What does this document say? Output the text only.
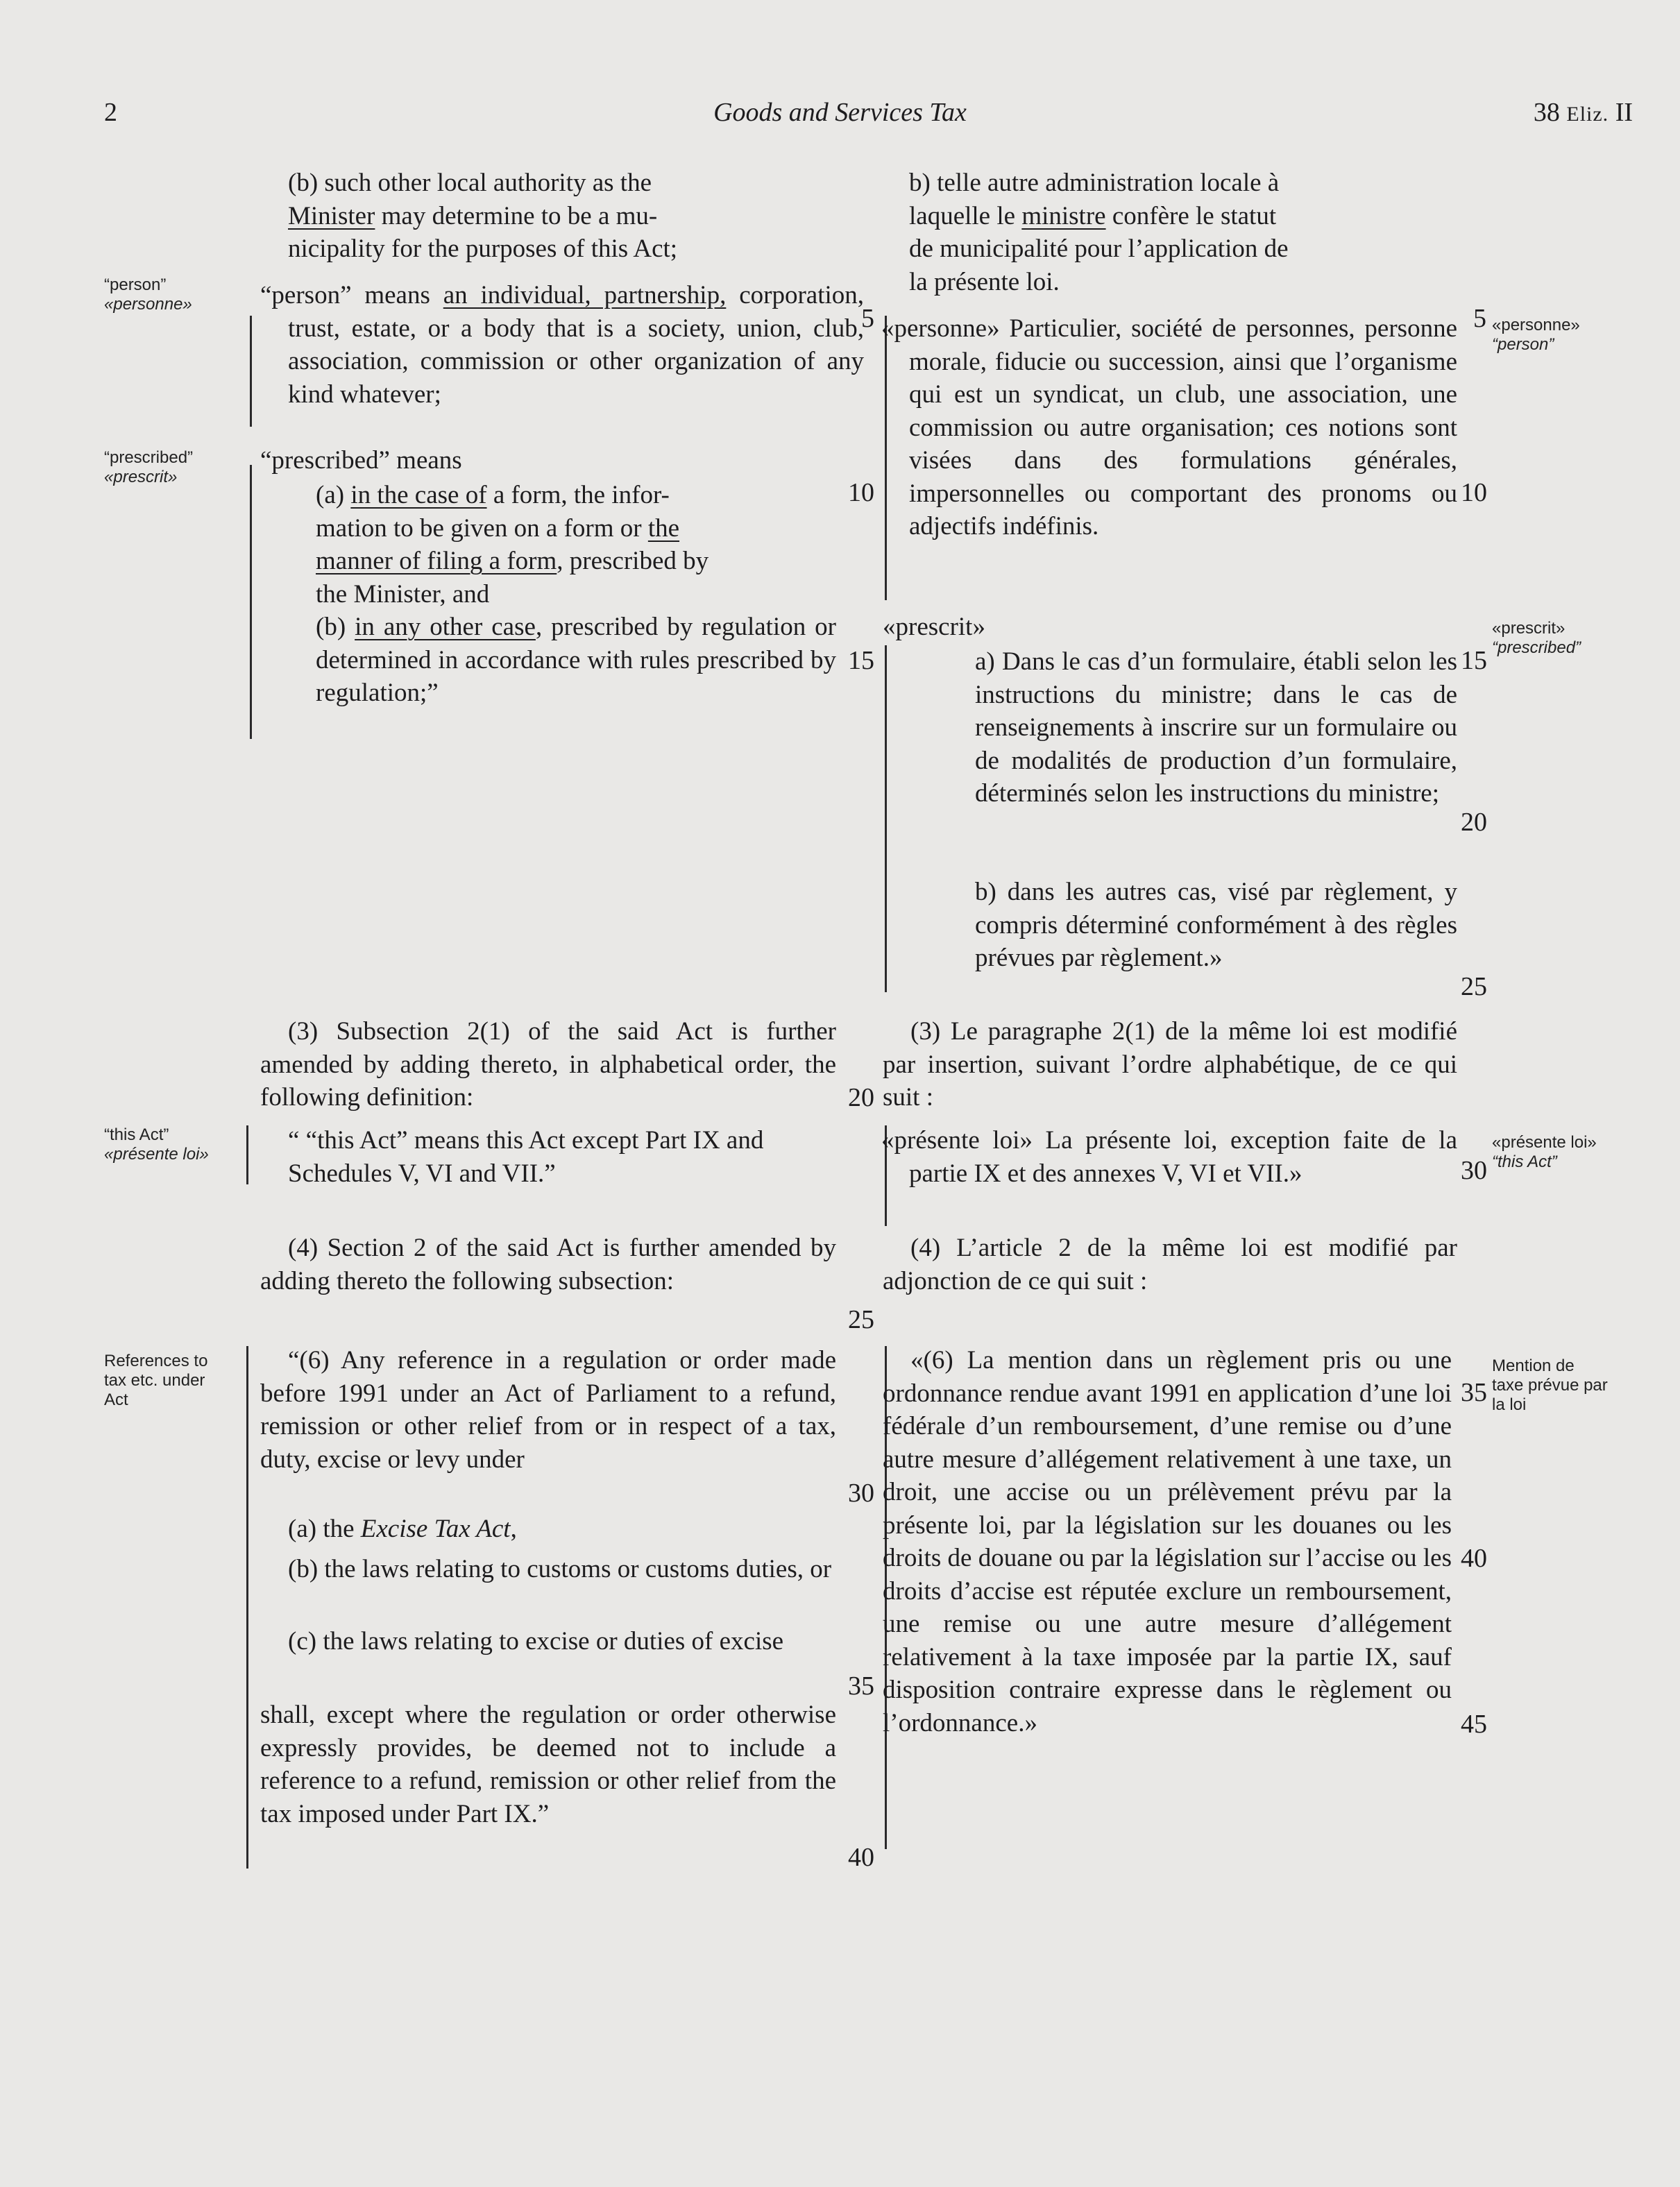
2	Goods and Services Tax	38 Eliz. II
(b) such other local authority as the
Minister may determine to be a mu-
nicipality for the purposes of this Act;
“person” means an individual, partnership, corporation, trust, estate, or a body that is a society, union, club, association, commission or other organization of any kind whatever;
“prescribed” means
(a) in the case of a form, the infor-
mation to be given on a form or the
manner of filing a form, prescribed by
the Minister, and
(b) in any other case, prescribed by regulation or determined in accordance with rules prescribed by regulation;”
(3) Subsection 2(1) of the said Act is further amended by adding thereto, in alphabetical order, the following definition:
“ “this Act” means this Act except Part IX and Schedules V, VI and VII.”
(4) Section 2 of the said Act is further amended by adding thereto the following subsection:
“(6) Any reference in a regulation or order made before 1991 under an Act of Parliament to a refund, remission or other relief from or in respect of a tax, duty, excise or levy under
(a) the Excise Tax Act,
(b) the laws relating to customs or customs duties, or
(c) the laws relating to excise or duties of excise
shall, except where the regulation or order otherwise expressly provides, be deemed not to include a reference to a refund, remission or other relief from the tax imposed under Part IX.”
5
10
15
20
25
30
35
40
b) telle autre administration locale à
laquelle le ministre confère le statut
de municipalité pour l’application de
la présente loi.
«personne» Particulier, société de personnes, personne morale, fiducie ou succession, ainsi que l’organisme qui est un syndicat, un club, une association, une commission ou autre organisation; ces notions sont visées dans des formulations générales, impersonnelles ou comportant des pronoms ou adjectifs indéfinis.
«prescrit»
a) Dans le cas d’un formulaire, établi selon les instructions du ministre; dans le cas de renseignements à inscrire sur un formulaire ou de modalités de production d’un formulaire, déterminés selon les instructions du ministre;
b) dans les autres cas, visé par règlement, y compris déterminé conformément à des règles prévues par règlement.»
(3) Le paragraphe 2(1) de la même loi est modifié par insertion, suivant l’ordre alphabétique, de ce qui suit :
«présente loi» La présente loi, exception faite de la partie IX et des annexes V, VI et VII.»
(4) L’article 2 de la même loi est modifié par adjonction de ce qui suit :
«(6) La mention dans un règlement pris ou une ordonnance rendue avant 1991 en application d’une loi fédérale d’un remboursement, d’une remise ou d’une autre mesure d’allégement relativement à une taxe, un droit, une accise ou un prélèvement prévu par la présente loi, par la législation sur les douanes ou les droits de douane ou par la législation sur l’accise ou les droits d’accise est réputée exclure un remboursement, une remise ou une autre mesure d’allégement relativement à la taxe imposée par la partie IX, sauf disposition contraire expresse dans le règlement ou l’ordonnance.»
5
10
15
20
25
30
35
40
45
“person”
«personne»
“prescribed”
«prescrit»
“this Act”
«présente loi»
References to tax etc. under Act
«personne»
“person”
«prescrit»
“prescribed”
«présente loi»
“this Act”
Mention de taxe prévue par la loi
